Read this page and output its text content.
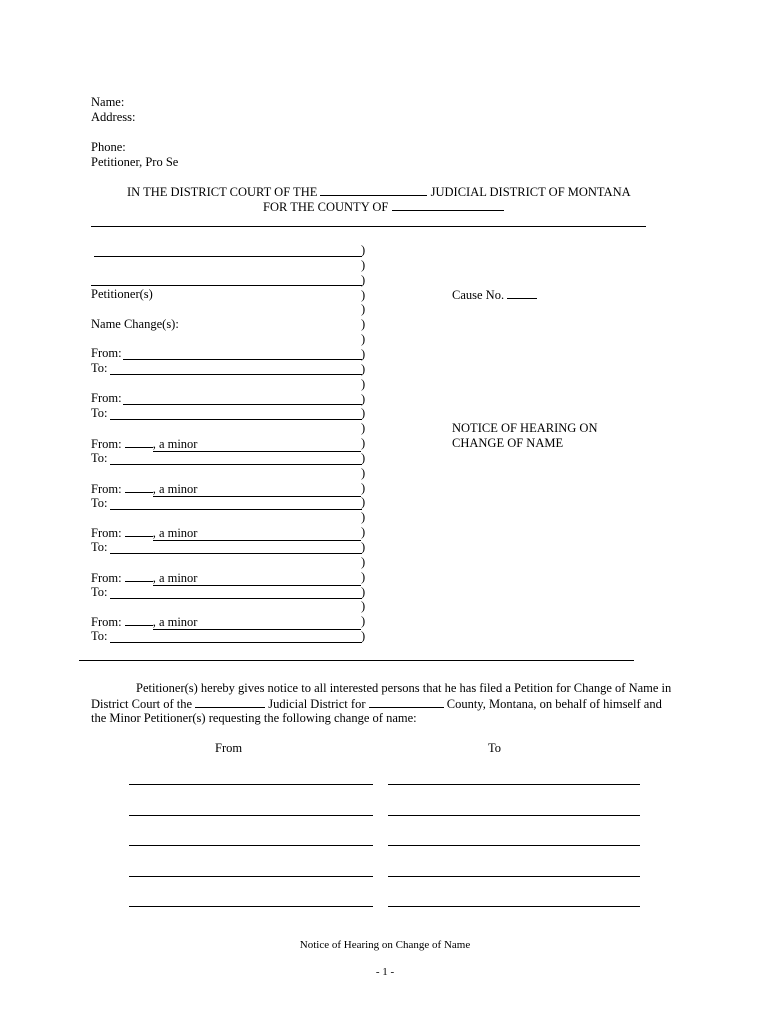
Name:
Address:
Phone:
Petitioner, Pro Se
IN THE DISTRICT COURT OF THE	JUDICIAL DISTRICT OF MONTANA
FOR THE COUNTY OF
Petitioner(s)
Name Change(s):
From:
To:
From:
To:
From: , a minor
To:
From: , a minor
To:
From: , a minor
To:
From: , a minor
To:
From: , a minor
To:
)
)
)
)
)
)
)
)
)
)
)
)
)
)
)
)
)
)
)
)
)
)
)
)
)
)
)
Cause No.
NOTICE OF HEARING ON
CHANGE OF NAME
Petitioner(s) hereby gives notice to all interested persons that he has filed a Petition for Change of Name in
District Court of the	Judicial District for	County, Montana, on behalf of himself and
the Minor Petitioner(s) requesting the following change of name:
From	To
Notice of Hearing on Change of Name
- 1 -
